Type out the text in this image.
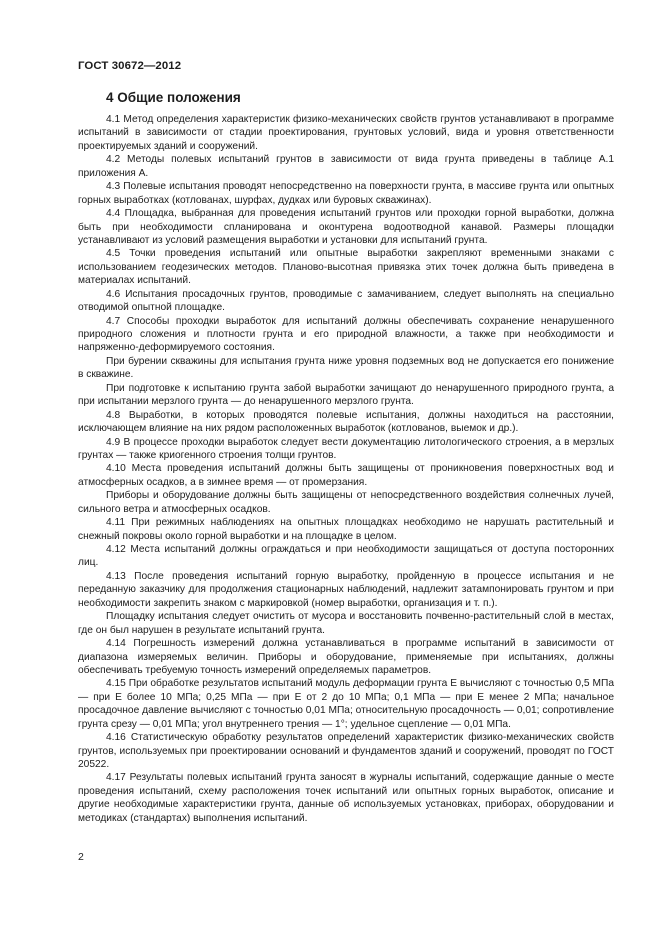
ГОСТ 30672—2012
4 Общие положения

4.1 Метод определения характеристик физико-механических свойств грунтов устанавливают в программе испытаний в зависимости от стадии проектирования, грунтовых условий, вида и уровня ответственности проектируемых зданий и сооружений.

4.2 Методы полевых испытаний грунтов в зависимости от вида грунта приведены в таблице А.1 приложения А.

4.3 Полевые испытания проводят непосредственно на поверхности грунта, в массиве грунта или опытных горных выработках (котлованах, шурфах, дудках или буровых скважинах).

4.4 Площадка, выбранная для проведения испытаний грунтов или проходки горной выработки, должна быть при необходимости спланирована и оконтурена водоотводной канавой. Размеры площадки устанавливают из условий размещения выработки и установки для испытаний грунта.

4.5 Точки проведения испытаний или опытные выработки закрепляют временными знаками с использованием геодезических методов. Планово-высотная привязка этих точек должна быть приведена в материалах испытаний.

4.6 Испытания просадочных грунтов, проводимые с замачиванием, следует выполнять на специально отводимой опытной площадке.

4.7 Способы проходки выработок для испытаний должны обеспечивать сохранение ненарушенного природного сложения и плотности грунта и его природной влажности, а также при необходимости и напряженно-деформируемого состояния.

При бурении скважины для испытания грунта ниже уровня подземных вод не допускается его понижение в скважине.

При подготовке к испытанию грунта забой выработки зачищают до ненарушенного природного грунта, а при испытании мерзлого грунта — до ненарушенного мерзлого грунта.

4.8 Выработки, в которых проводятся полевые испытания, должны находиться на расстоянии, исключающем влияние на них рядом расположенных выработок (котлованов, выемок и др.).

4.9 В процессе проходки выработок следует вести документацию литологического строения, а в мерзлых грунтах — также криогенного строения толщи грунтов.

4.10 Места проведения испытаний должны быть защищены от проникновения поверхностных вод и атмосферных осадков, а в зимнее время — от промерзания.

Приборы и оборудование должны быть защищены от непосредственного воздействия солнечных лучей, сильного ветра и атмосферных осадков.

4.11 При режимных наблюдениях на опытных площадках необходимо не нарушать растительный и снежный покровы около горной выработки и на площадке в целом.

4.12 Места испытаний должны ограждаться и при необходимости защищаться от доступа посторонних лиц.

4.13 После проведения испытаний горную выработку, пройденную в процессе испытания и не переданную заказчику для продолжения стационарных наблюдений, надлежит затампонировать грунтом и при необходимости закрепить знаком с маркировкой (номер выработки, организация и т. п.).

Площадку испытания следует очистить от мусора и восстановить почвенно-растительный слой в местах, где он был нарушен в результате испытаний грунта.

4.14 Погрешность измерений должна устанавливаться в программе испытаний в зависимости от диапазона измеряемых величин. Приборы и оборудование, применяемые при испытаниях, должны обеспечивать требуемую точность измерений определяемых параметров.

4.15 При обработке результатов испытаний модуль деформации грунта E вычисляют с точностью 0,5 МПа — при E более 10 МПа; 0,25 МПа — при E от 2 до 10 МПа; 0,1 МПа — при E менее 2 МПа; начальное просадочное давление вычисляют с точностью 0,01 МПа; относительную просадочность — 0,01; сопротивление грунта срезу — 0,01 МПа; угол внутреннего трения — 1°; удельное сцепление — 0,01 МПа.

4.16 Статистическую обработку результатов определений характеристик физико-механических свойств грунтов, используемых при проектировании оснований и фундаментов зданий и сооружений, проводят по ГОСТ 20522.

4.17 Результаты полевых испытаний грунта заносят в журналы испытаний, содержащие данные о месте проведения испытаний, схему расположения точек испытаний или опытных горных выработок, описание и другие необходимые характеристики грунта, данные об используемых установках, приборах, оборудовании и методиках (стандартах) выполнения испытаний.

2
